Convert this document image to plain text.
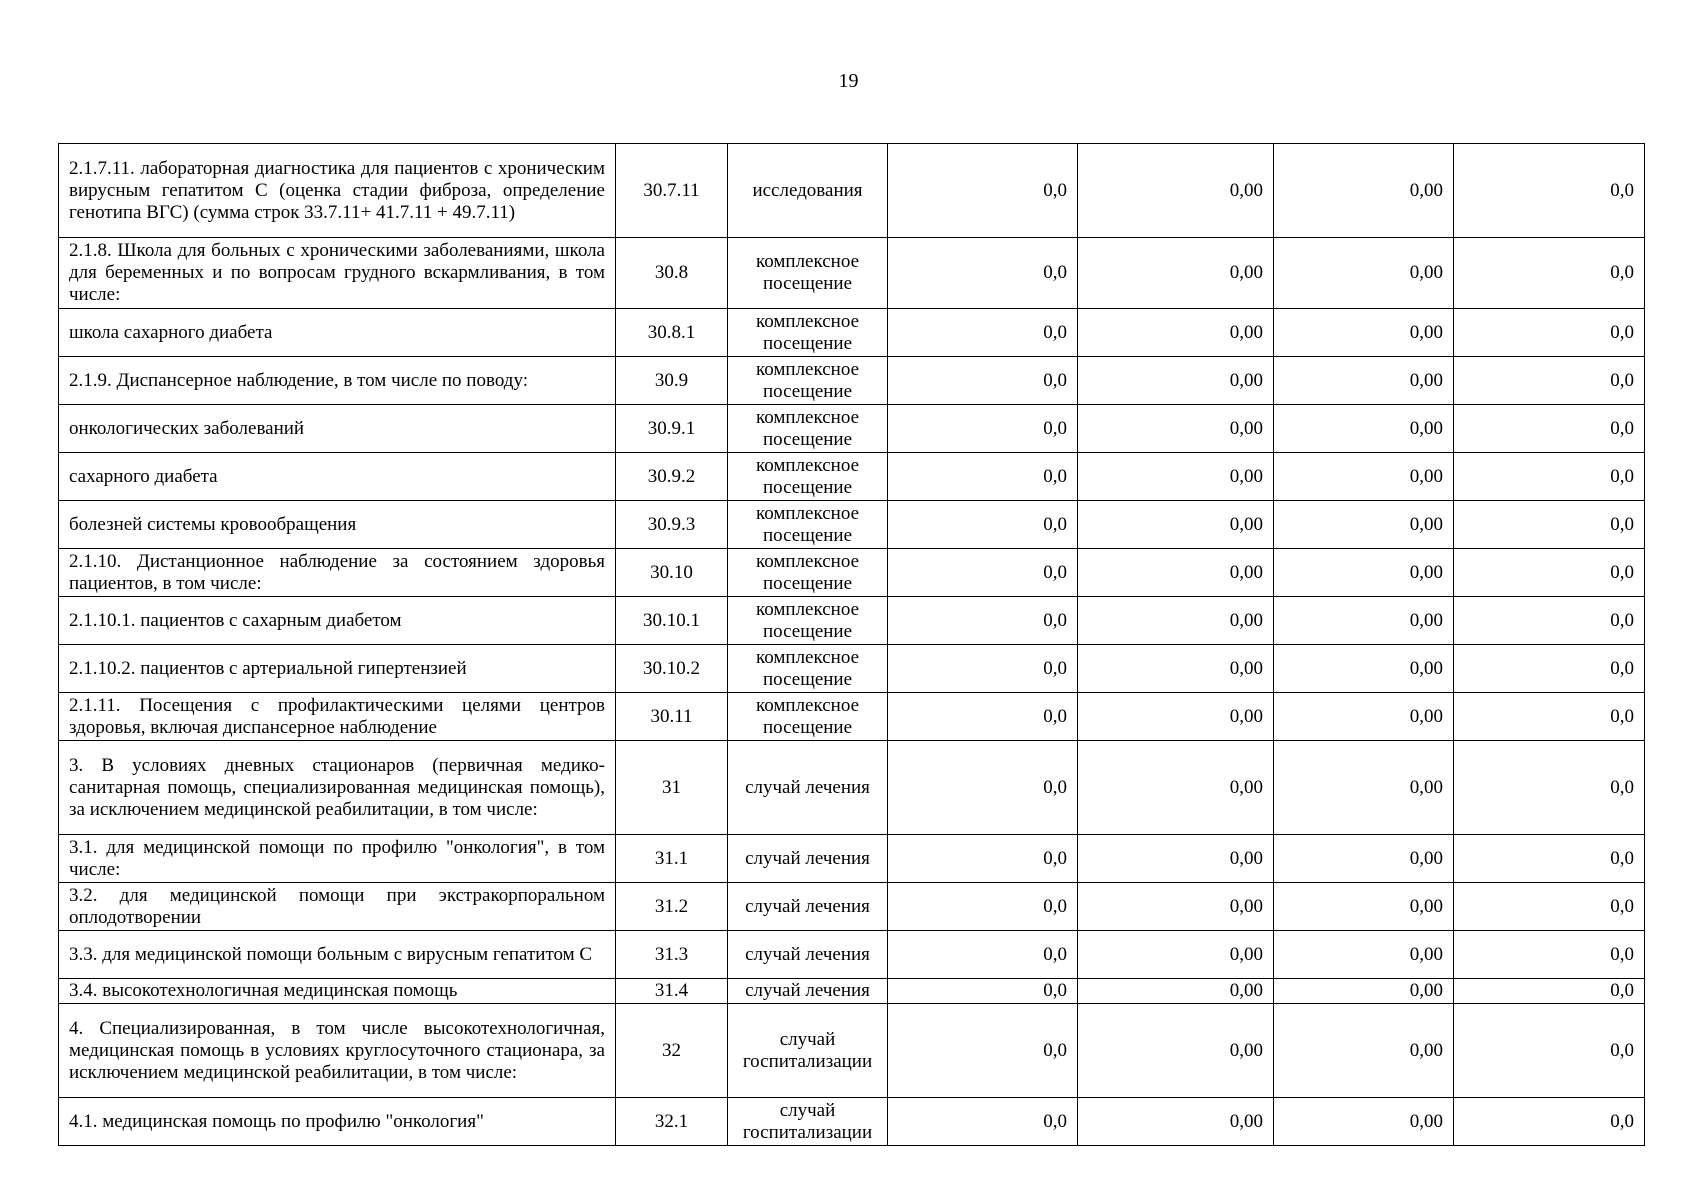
19
2.1.7.11. лабораторная диагностика для пациентов с хроническим вирусным гепатитом С (оценка стадии фиброза, определение генотипа ВГС) (сумма строк 33.7.11+ 41.7.11 + 49.7.11)	30.7.11	исследования	0,0	0,00	0,00	0,0
2.1.8. Школа для больных с хроническими заболеваниями, школа для беременных и по вопросам грудного вскармливания, в том числе:	30.8	комплексное посещение	0,0	0,00	0,00	0,0
школа сахарного диабета	30.8.1	комплексное посещение	0,0	0,00	0,00	0,0
2.1.9. Диспансерное наблюдение, в том числе по поводу:	30.9	комплексное посещение	0,0	0,00	0,00	0,0
онкологических заболеваний	30.9.1	комплексное посещение	0,0	0,00	0,00	0,0
сахарного диабета	30.9.2	комплексное посещение	0,0	0,00	0,00	0,0
болезней системы кровообращения	30.9.3	комплексное посещение	0,0	0,00	0,00	0,0
2.1.10. Дистанционное наблюдение за состоянием здоровья пациентов, в том числе:	30.10	комплексное посещение	0,0	0,00	0,00	0,0
2.1.10.1. пациентов с сахарным диабетом	30.10.1	комплексное посещение	0,0	0,00	0,00	0,0
2.1.10.2. пациентов с артериальной гипертензией	30.10.2	комплексное посещение	0,0	0,00	0,00	0,0
2.1.11. Посещения с профилактическими целями центров здоровья, включая диспансерное наблюдение	30.11	комплексное посещение	0,0	0,00	0,00	0,0
3. В условиях дневных стационаров (первичная медико-санитарная помощь, специализированная медицинская помощь), за исключением медицинской реабилитации, в том числе:	31	случай лечения	0,0	0,00	0,00	0,0
3.1. для медицинской помощи по профилю "онкология", в том числе:	31.1	случай лечения	0,0	0,00	0,00	0,0
3.2. для медицинской помощи при экстракорпоральном оплодотворении	31.2	случай лечения	0,0	0,00	0,00	0,0
3.3. для медицинской помощи больным с вирусным гепатитом С	31.3	случай лечения	0,0	0,00	0,00	0,0
3.4. высокотехнологичная медицинская помощь	31.4	случай лечения	0,0	0,00	0,00	0,0
4. Специализированная, в том числе высокотехнологичная, медицинская помощь в условиях круглосуточного стационара, за исключением медицинской реабилитации, в том числе:	32	случай госпитализации	0,0	0,00	0,00	0,0
4.1. медицинская помощь по профилю "онкология"	32.1	случай госпитализации	0,0	0,00	0,00	0,0
